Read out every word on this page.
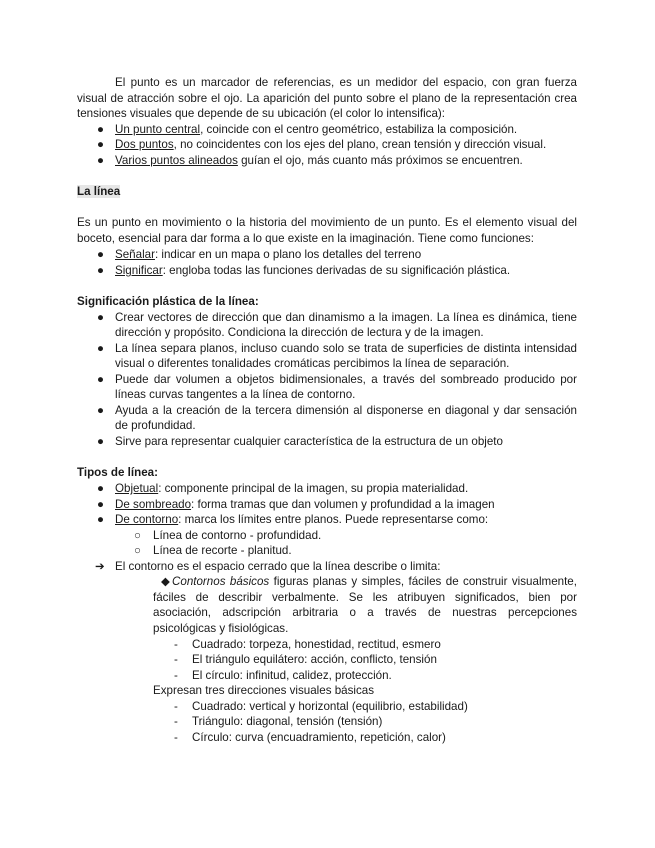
El punto es un marcador de referencias, es un medidor del espacio, con gran fuerza
visual de atracción sobre el ojo. La aparición del punto sobre el plano de la representación crea
tensiones visuales que depende de su ubicación (el color lo intensifica):
● Un punto central, coincide con el centro geométrico, estabiliza la composición.
● Dos puntos, no coincidentes con los ejes del plano, crean tensión y dirección visual.
● Varios puntos alineados guían el ojo, más cuanto más próximos se encuentren.
La línea
Es un punto en movimiento o la historia del movimiento de un punto. Es el elemento visual del
boceto, esencial para dar forma a lo que existe en la imaginación. Tiene como funciones:
● Señalar: indicar en un mapa o plano los detalles del terreno
● Significar: engloba todas las funciones derivadas de su significación plástica.
Significación plástica de la línea:
● Crear vectores de dirección que dan dinamismo a la imagen. La línea es dinámica, tiene
dirección y propósito. Condiciona la dirección de lectura y de la imagen.
● La línea separa planos, incluso cuando solo se trata de superficies de distinta intensidad
visual o diferentes tonalidades cromáticas percibimos la línea de separación.
● Puede dar volumen a objetos bidimensionales, a través del sombreado producido por
líneas curvas tangentes a la línea de contorno.
● Ayuda a la creación de la tercera dimensión al disponerse en diagonal y dar sensación
de profundidad.
● Sirve para representar cualquier característica de la estructura de un objeto
Tipos de línea:
● Objetual: componente principal de la imagen, su propia materialidad.
● De sombreado: forma tramas que dan volumen y profundidad a la imagen
● De contorno: marca los límites entre planos. Puede representarse como:
○ Línea de contorno - profundidad.
○ Línea de recorte - planitud.
➔ El contorno es el espacio cerrado que la línea describe o limita:
◆ Contornos básicos figuras planas y simples, fáciles de construir visualmente,
fáciles de describir verbalmente. Se les atribuyen significados, bien por
asociación, adscripción arbitraria o a través de nuestras percepciones
psicológicas y fisiológicas.
- Cuadrado: torpeza, honestidad, rectitud, esmero
- El triángulo equilátero: acción, conflicto, tensión
- El círculo: infinitud, calidez, protección.
Expresan tres direcciones visuales básicas
- Cuadrado: vertical y horizontal (equilibrio, estabilidad)
- Triángulo: diagonal, tensión (tensión)
- Círculo: curva (encuadramiento, repetición, calor)
